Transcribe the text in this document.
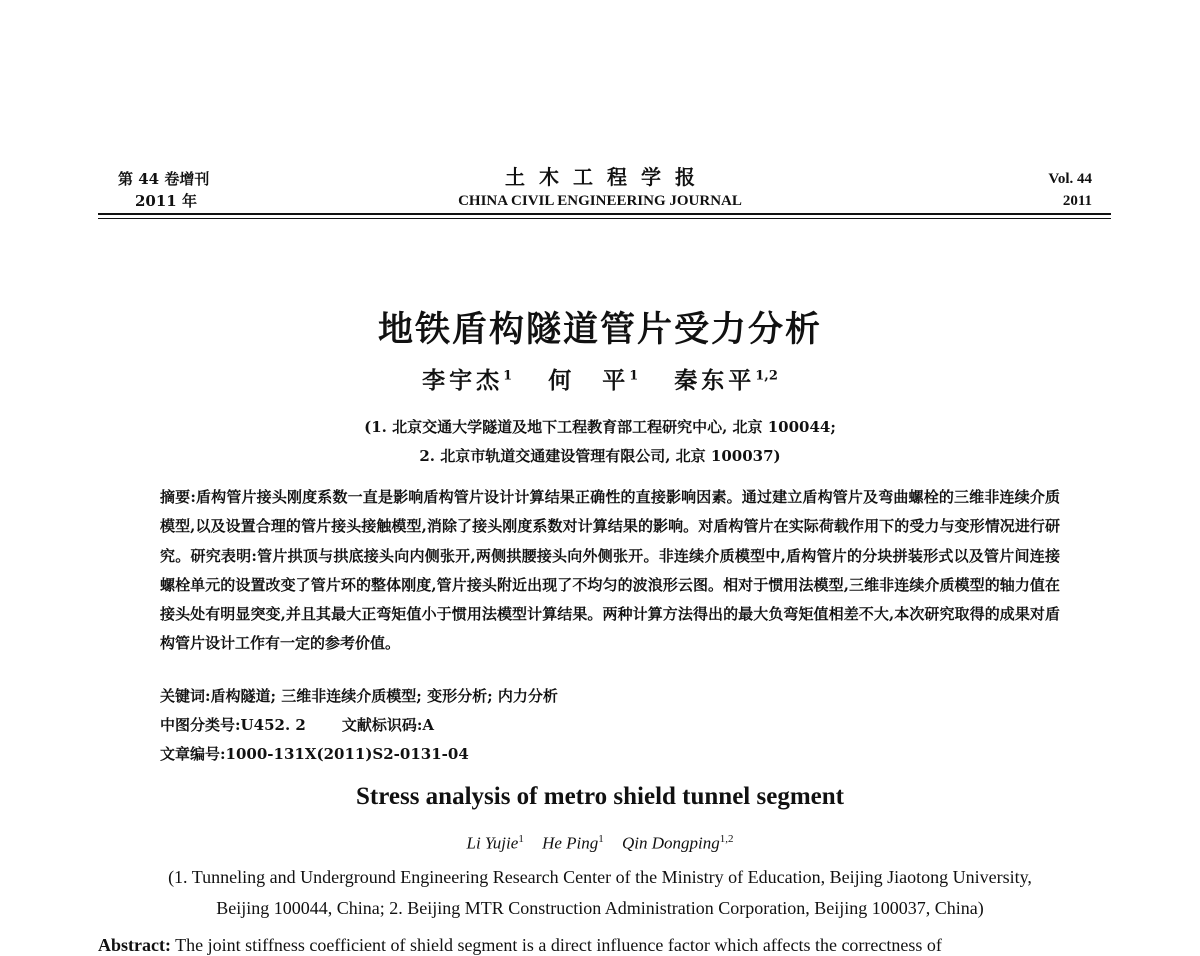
第 44 卷增刊
2011 年
土木工程学报
CHINA CIVIL ENGINEERING JOURNAL
Vol. 44
2011
地铁盾构隧道管片受力分析
李宇杰$^1$ 何　平$^1$ 秦东平$^{1,2}$
(1. 北京交通大学隧道及地下工程教育部工程研究中心, 北京 100044;
2. 北京市轨道交通建设管理有限公司, 北京 100037)
摘要:盾构管片接头刚度系数一直是影响盾构管片设计计算结果正确性的直接影响因素。通过建立盾构管片及弯曲螺栓的三维非连续介质模型,以及设置合理的管片接头接触模型,消除了接头刚度系数对计算结果的影响。对盾构管片在实际荷载作用下的受力与变形情况进行研究。研究表明:管片拱顶与拱底接头向内侧张开,两侧拱腰接头向外侧张开。非连续介质模型中,盾构管片的分块拼装形式以及管片间连接螺栓单元的设置改变了管片环的整体刚度,管片接头附近出现了不均匀的波浪形云图。相对于惯用法模型,三维非连续介质模型的轴力值在接头处有明显突变,并且其最大正弯矩值小于惯用法模型计算结果。两种计算方法得出的最大负弯矩值相差不大,本次研究取得的成果对盾构管片设计工作有一定的参考价值。
关键词:盾构隧道; 三维非连续介质模型; 变形分析; 内力分析
中图分类号:U452. 2 文献标识码:A
文章编号:1000-131X(2011)S2-0131-04
Stress analysis of metro shield tunnel segment
Li Yujie$^1$ He Ping$^1$ Qin Dongping$^{1,2}$
(1. Tunneling and Underground Engineering Research Center of the Ministry of Education, Beijing Jiaotong University,
Beijing 100044, China; 2. Beijing MTR Construction Administration Corporation, Beijing 100037, China)
Abstract: The joint stiffness coefficient of shield segment is a direct influence factor which affects the correctness of
